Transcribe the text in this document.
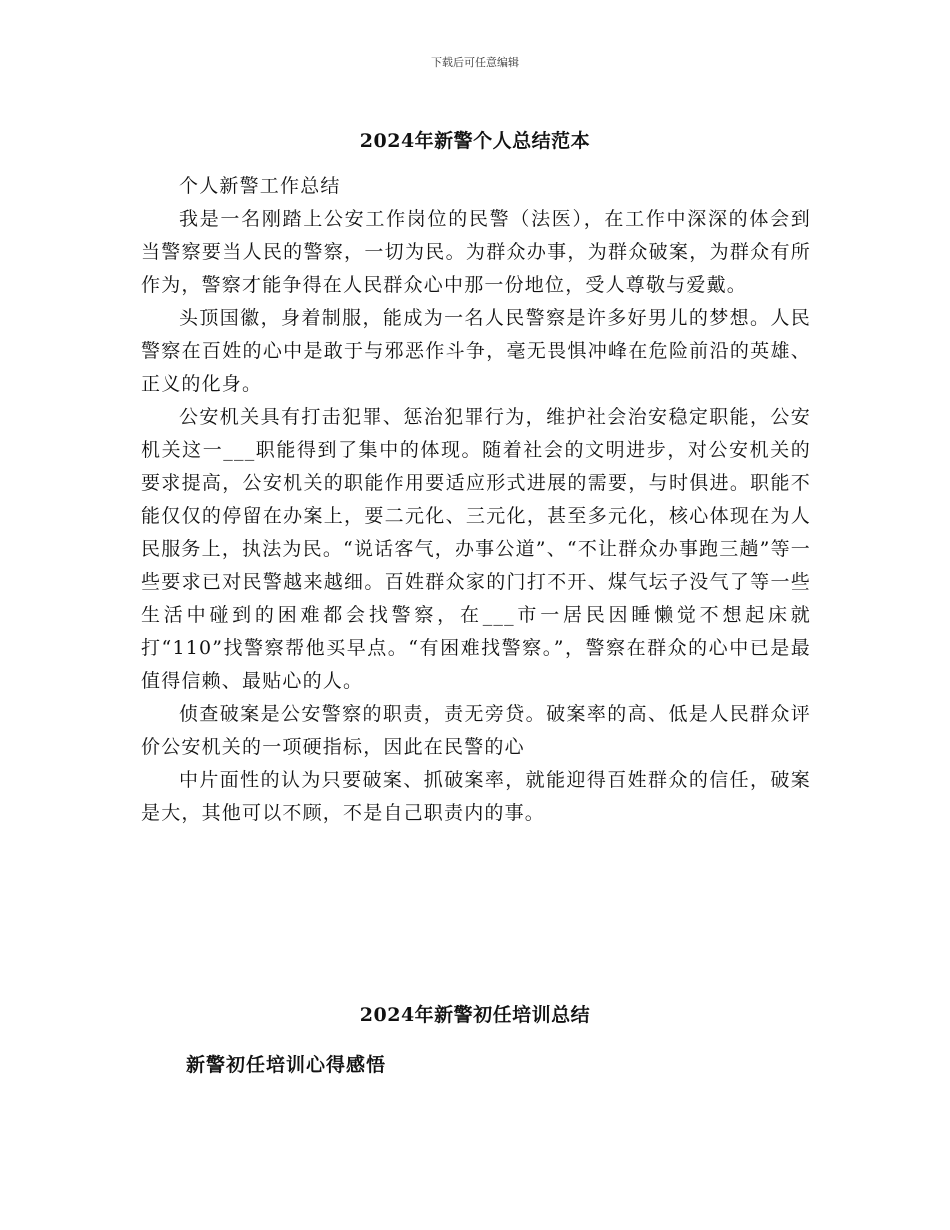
下载后可任意编辑
2024年新警个人总结范本

个人新警工作总结

我是一名刚踏上公安工作岗位的民警（法医），在工作中深深的体会到当警察要当人民的警察，一切为民。为群众办事，为群众破案，为群众有所作为，警察才能争得在人民群众心中那一份地位，受人尊敬与爱戴。

头顶国徽，身着制服，能成为一名人民警察是许多好男儿的梦想。人民警察在百姓的心中是敢于与邪恶作斗争，毫无畏惧冲峰在危险前沿的英雄、正义的化身。

公安机关具有打击犯罪、惩治犯罪行为，维护社会治安稳定职能，公安机关这一___职能得到了集中的体现。随着社会的文明进步，对公安机关的要求提高，公安机关的职能作用要适应形式进展的需要，与时俱进。职能不能仅仅的停留在办案上，要二元化、三元化，甚至多元化，核心体现在为人民服务上，执法为民。“说话客气，办事公道”、“不让群众办事跑三趟”等一些要求已对民警越来越细。百姓群众家的门打不开、煤气坛子没气了等一些生活中碰到的困难都会找警察，在___市一居民因睡懒觉不想起床就打“110”找警察帮他买早点。“有困难找警察。”，警察在群众的心中已是最值得信赖、最贴心的人。

侦查破案是公安警察的职责，责无旁贷。破案率的高、低是人民群众评价公安机关的一项硬指标，因此在民警的心

中片面性的认为只要破案、抓破案率，就能迎得百姓群众的信任，破案是大，其他可以不顾，不是自己职责内的事。

2024年新警初任培训总结
新警初任培训心得感悟
